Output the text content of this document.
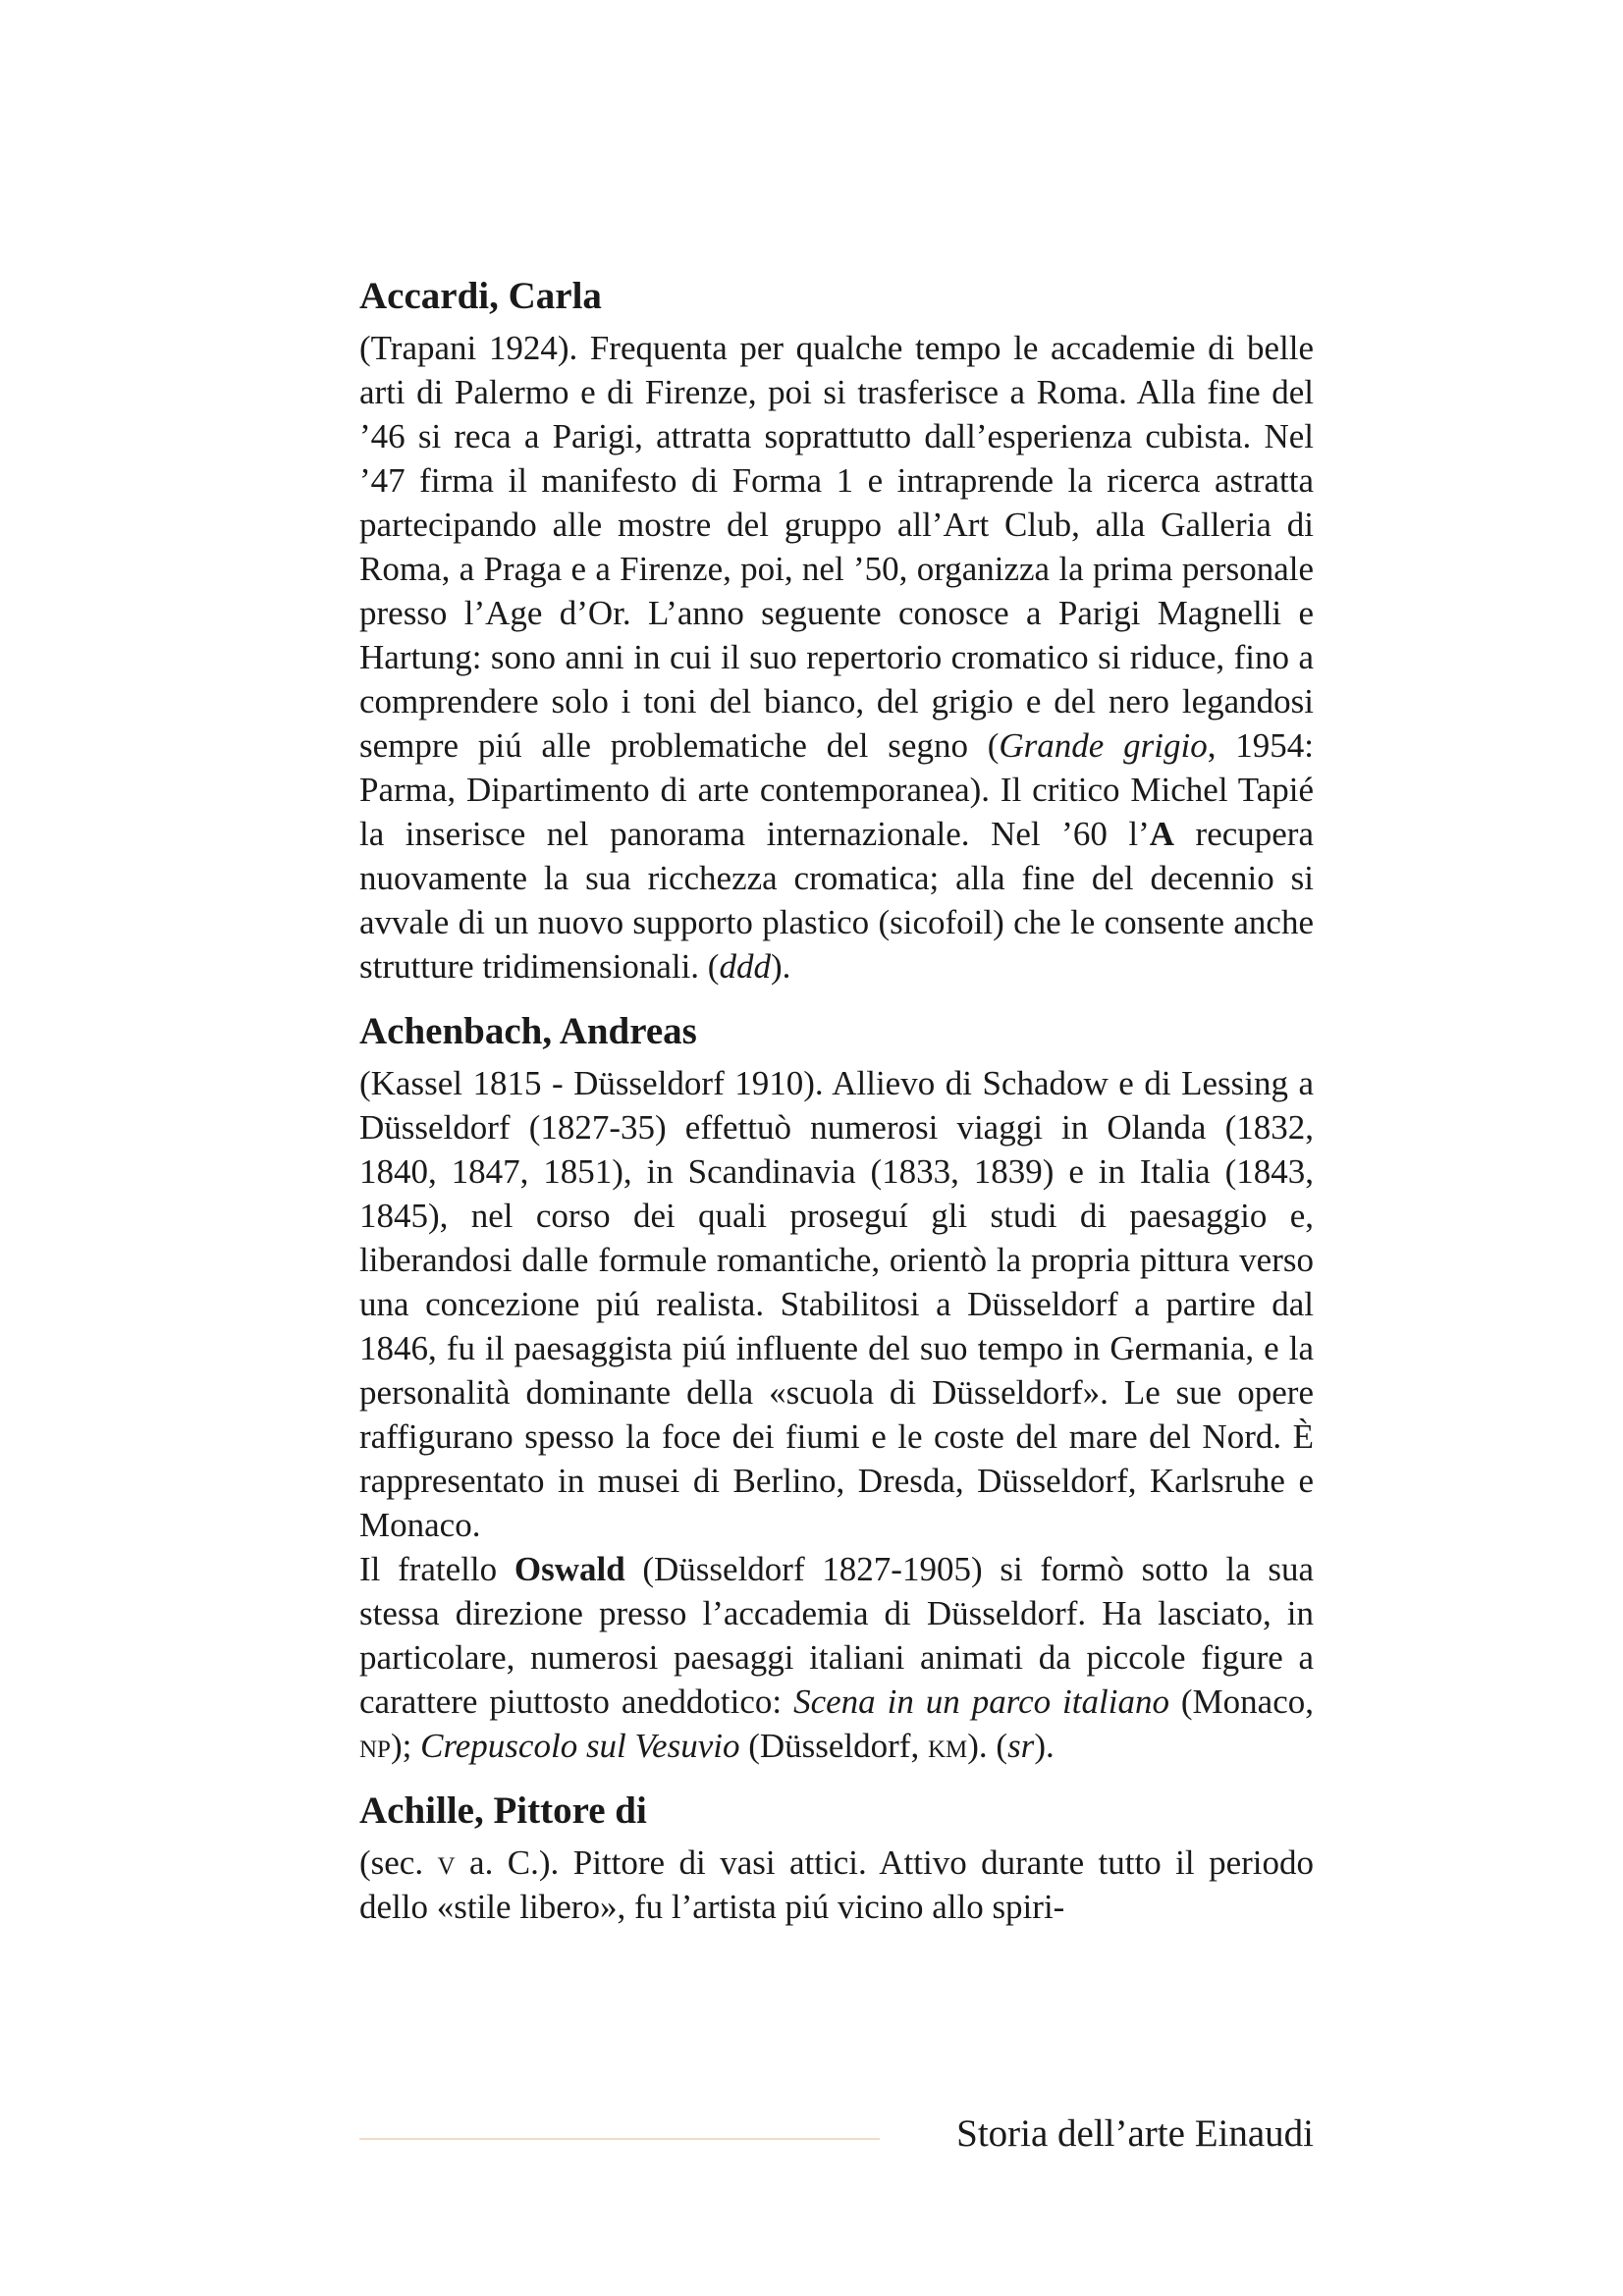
Accardi, Carla

(Trapani 1924). Frequenta per qualche tempo le accademie di belle arti di Palermo e di Firenze, poi si trasferisce a Roma. Alla fine del ’46 si reca a Parigi, attratta soprattutto dall’esperienza cubista. Nel ’47 firma il manifesto di Forma 1 e intraprende la ricerca astratta partecipando alle mostre del gruppo all’Art Club, alla Galleria di Roma, a Praga e a Firenze, poi, nel ’50, organizza la prima personale presso l’Age d’Or. L’anno seguente conosce a Parigi Magnelli e Hartung: sono anni in cui il suo repertorio cromatico si riduce, fino a comprendere solo i toni del bianco, del grigio e del nero legandosi sempre piú alle problematiche del segno (Grande grigio, 1954: Parma, Dipartimento di arte contemporanea). Il critico Michel Tapié la inserisce nel panorama internazionale. Nel ’60 l’A recupera nuovamente la sua ricchezza cromatica; alla fine del decennio si avvale di un nuovo supporto plastico (sicofoil) che le consente anche strutture tridimensionali. (ddd).

Achenbach, Andreas

(Kassel 1815 - Düsseldorf 1910). Allievo di Schadow e di Lessing a Düsseldorf (1827-35) effettuò numerosi viaggi in Olanda (1832, 1840, 1847, 1851), in Scandinavia (1833, 1839) e in Italia (1843, 1845), nel corso dei quali proseguí gli studi di paesaggio e, liberandosi dalle formule romantiche, orientò la propria pittura verso una concezione piú realista. Stabilitosi a Düsseldorf a partire dal 1846, fu il paesaggista piú influente del suo tempo in Germania, e la personalità dominante della «scuola di Düsseldorf». Le sue opere raffigurano spesso la foce dei fiumi e le coste del mare del Nord. È rappresentato in musei di Berlino, Dresda, Düsseldorf, Karlsruhe e Monaco.

Il fratello Oswald (Düsseldorf 1827-1905) si formò sotto la sua stessa direzione presso l’accademia di Düsseldorf. Ha lasciato, in particolare, numerosi paesaggi italiani animati da piccole figure a carattere piuttosto aneddotico: Scena in un parco italiano (Monaco, np); Crepuscolo sul Vesuvio (Düsseldorf, km). (sr).

Achille, Pittore di

(sec. v a. C.). Pittore di vasi attici. Attivo durante tutto il periodo dello «stile libero», fu l’artista piú vicino allo spiri-

Storia dell’arte Einaudi
